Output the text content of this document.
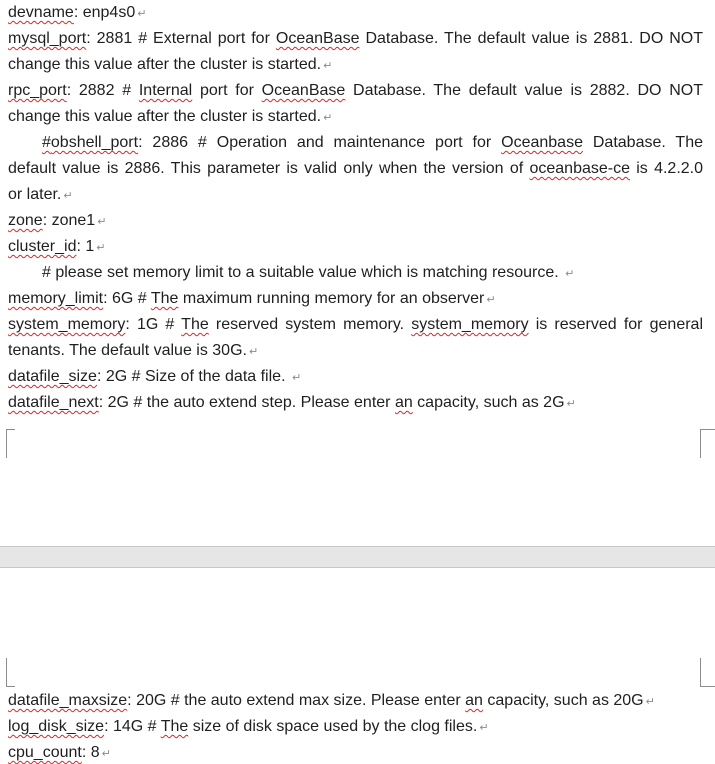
devname: enp4s0 ↵
mysql_port: 2881 # External port for OceanBase Database. The default value is 2881. DO NOT
change this value after the cluster is started. ↵
rpc_port: 2882 # Internal port for OceanBase Database. The default value is 2882. DO NOT
change this value after the cluster is started. ↵
#obshell_port: 2886 # Operation and maintenance port for Oceanbase Database. The
default value is 2886. This parameter is valid only when the version of oceanbase-ce is 4.2.2.0
or later. ↵
zone: zone1 ↵
cluster_id: 1 ↵
# please set memory limit to a suitable value which is matching resource. ↵
memory_limit: 6G # The maximum running memory for an observer ↵
system_memory: 1G # The reserved system memory. system_memory is reserved for general
tenants. The default value is 30G. ↵
datafile_size: 2G # Size of the data file. ↵
datafile_next: 2G # the auto extend step. Please enter an capacity, such as 2G ↵
datafile_maxsize: 20G # the auto extend max size. Please enter an capacity, such as 20G ↵
log_disk_size: 14G # The size of disk space used by the clog files. ↵
cpu_count: 8 ↵
